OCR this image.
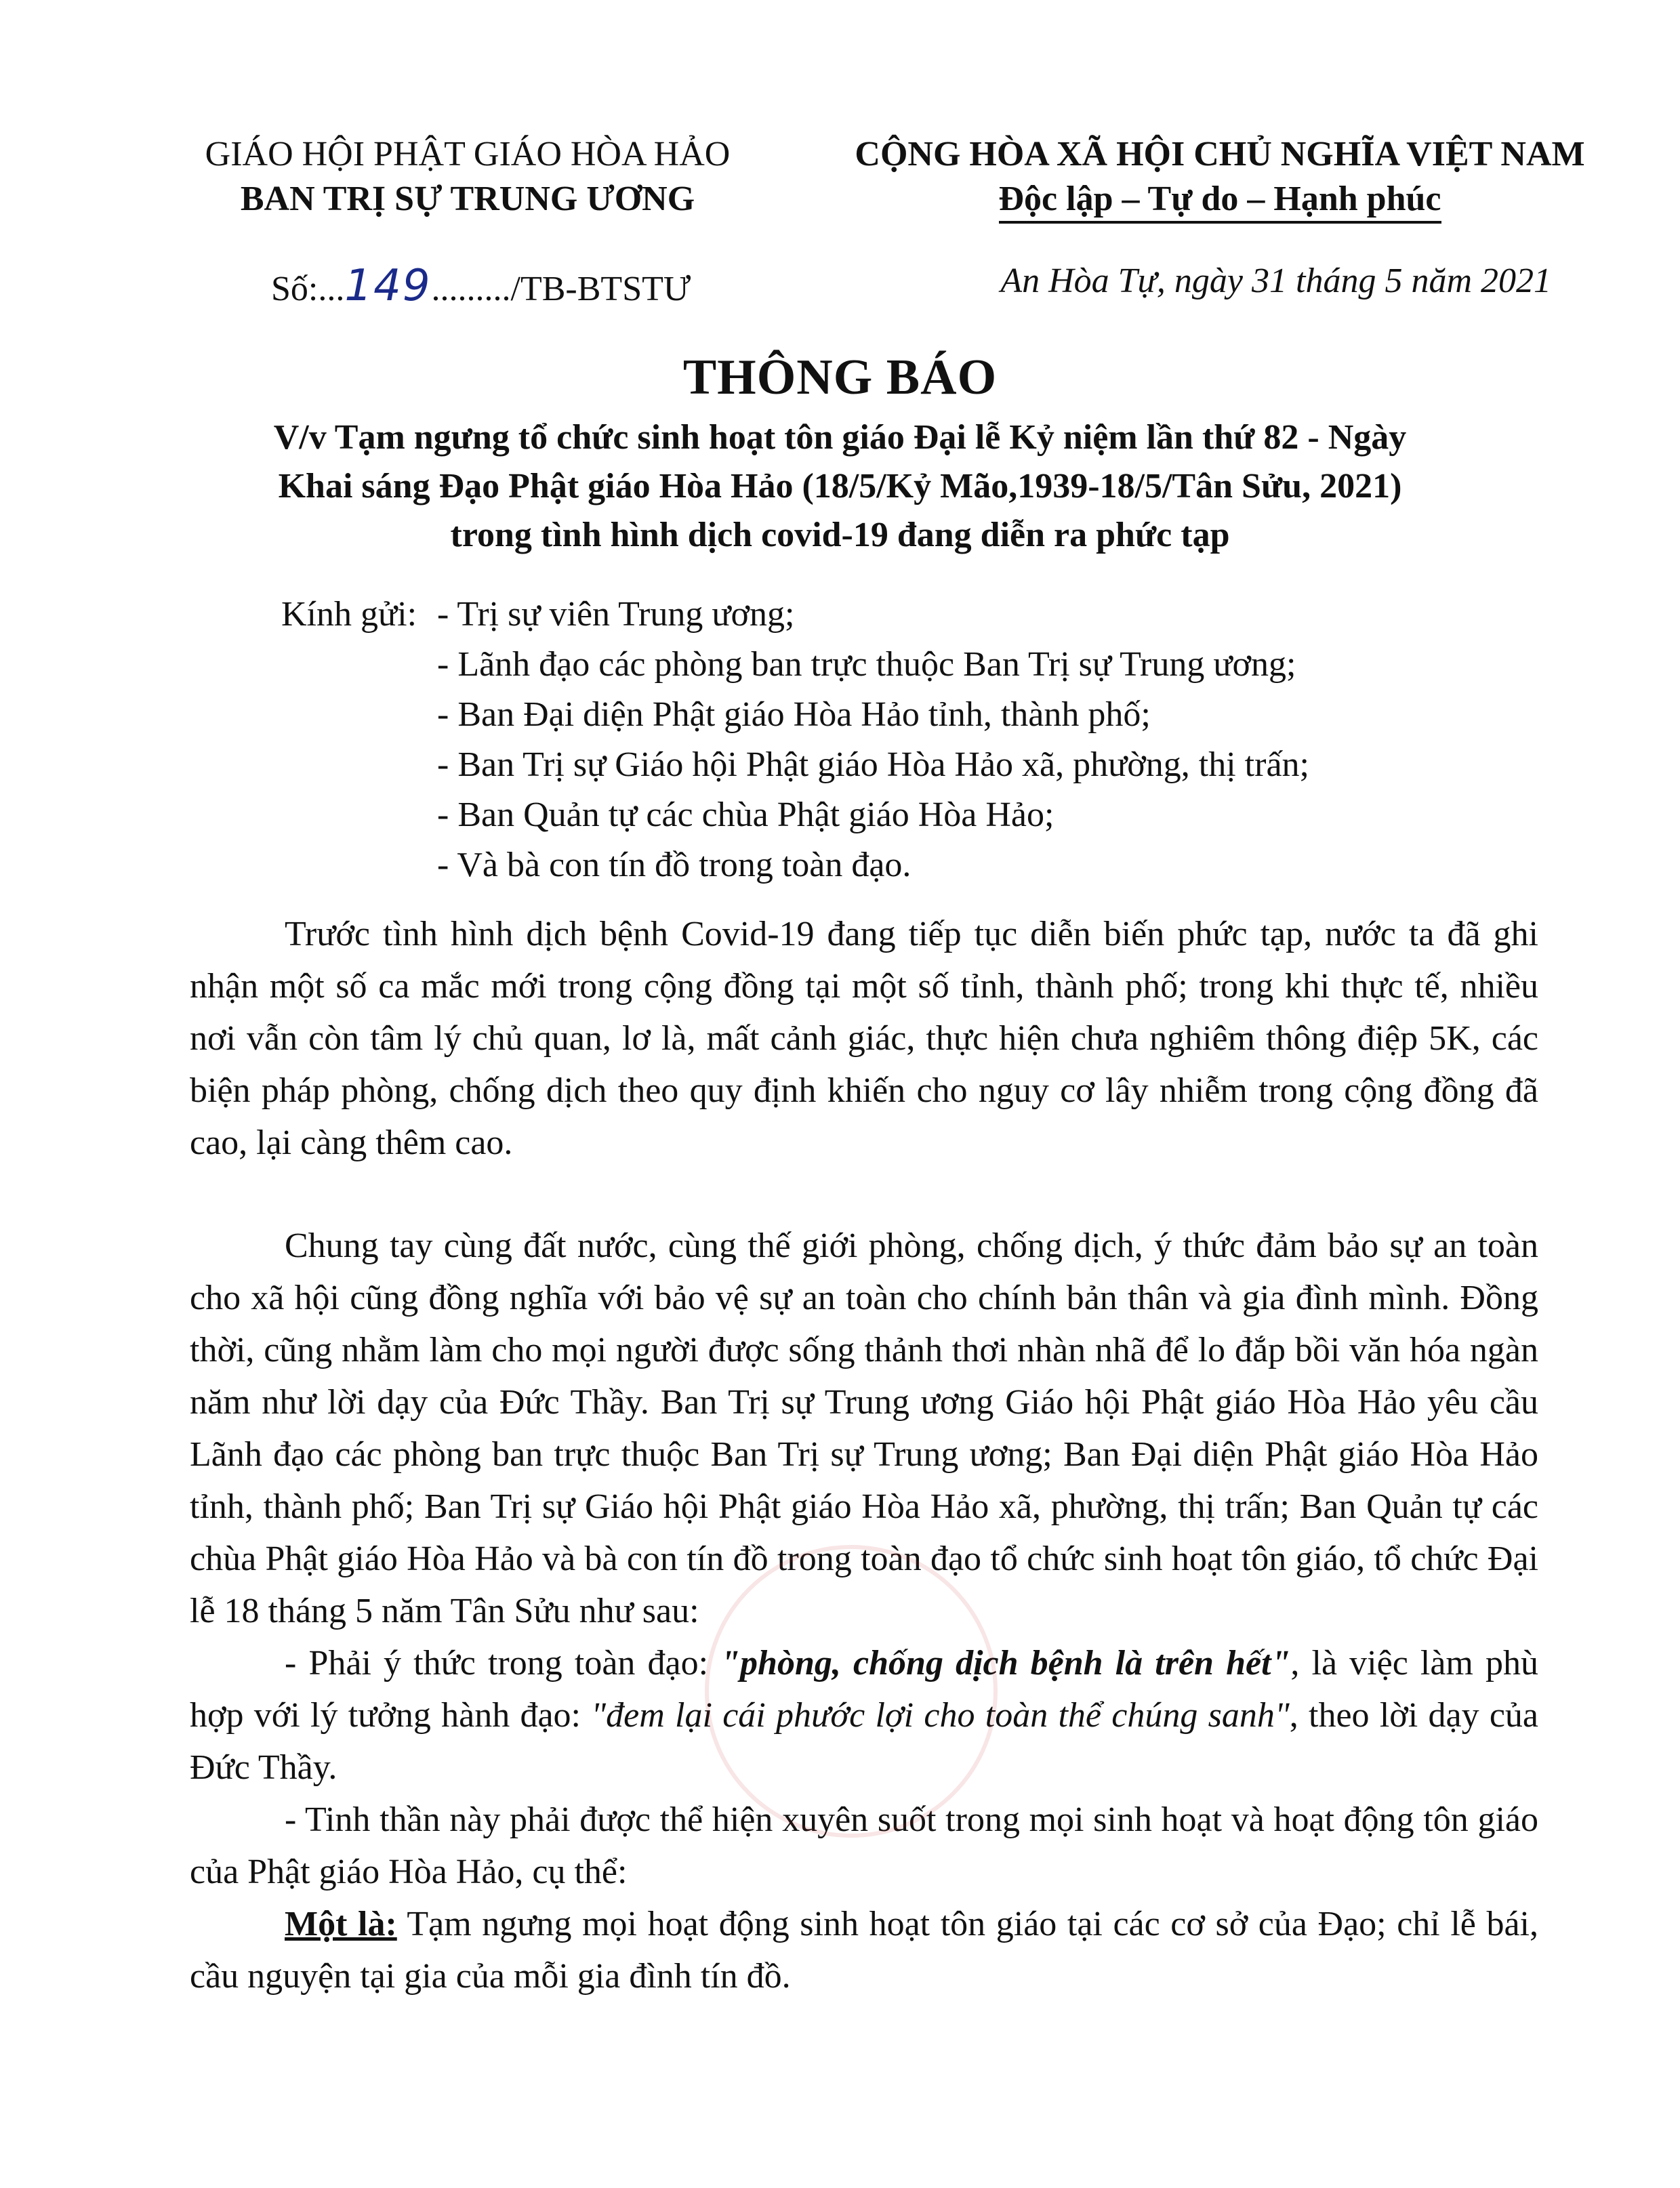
GIÁO HỘI PHẬT GIÁO HÒA HẢO
BAN TRỊ SỰ TRUNG ƯƠNG
CỘNG HÒA XÃ HỘI CHỦ NGHĨA VIỆT NAM
Độc lập – Tự do – Hạnh phúc
Số:...149........./TB-BTSTƯ	An Hòa Tự, ngày 31 tháng 5 năm 2021
THÔNG BÁO
V/v Tạm ngưng tổ chức sinh hoạt tôn giáo Đại lễ Kỷ niệm lần thứ 82 - Ngày
Khai sáng Đạo Phật giáo Hòa Hảo (18/5/Kỷ Mão,1939-18/5/Tân Sửu, 2021)
trong tình hình dịch covid-19 đang diễn ra phức tạp
Kính gửi: - Trị sự viên Trung ương;
- Lãnh đạo các phòng ban trực thuộc Ban Trị sự Trung ương;
- Ban Đại diện Phật giáo Hòa Hảo tỉnh, thành phố;
- Ban Trị sự Giáo hội Phật giáo Hòa Hảo xã, phường, thị trấn;
- Ban Quản tự các chùa Phật giáo Hòa Hảo;
- Và bà con tín đồ trong toàn đạo.

Trước tình hình dịch bệnh Covid-19 đang tiếp tục diễn biến phức tạp, nước ta đã ghi nhận một số ca mắc mới trong cộng đồng tại một số tỉnh, thành phố; trong khi thực tế, nhiều nơi vẫn còn tâm lý chủ quan, lơ là, mất cảnh giác, thực hiện chưa nghiêm thông điệp 5K, các biện pháp phòng, chống dịch theo quy định khiến cho nguy cơ lây nhiễm trong cộng đồng đã cao, lại càng thêm cao.

Chung tay cùng đất nước, cùng thế giới phòng, chống dịch, ý thức đảm bảo sự an toàn cho xã hội cũng đồng nghĩa với bảo vệ sự an toàn cho chính bản thân và gia đình mình. Đồng thời, cũng nhằm làm cho mọi người được sống thảnh thơi nhàn nhã để lo đắp bồi văn hóa ngàn năm như lời dạy của Đức Thầy. Ban Trị sự Trung ương Giáo hội Phật giáo Hòa Hảo yêu cầu Lãnh đạo các phòng ban trực thuộc Ban Trị sự Trung ương; Ban Đại diện Phật giáo Hòa Hảo tỉnh, thành phố; Ban Trị sự Giáo hội Phật giáo Hòa Hảo xã, phường, thị trấn; Ban Quản tự các chùa Phật giáo Hòa Hảo và bà con tín đồ trong toàn đạo tổ chức sinh hoạt tôn giáo, tổ chức Đại lễ 18 tháng 5 năm Tân Sửu như sau:

- Phải ý thức trong toàn đạo: "phòng, chống dịch bệnh là trên hết", là việc làm phù hợp với lý tưởng hành đạo: "đem lại cái phước lợi cho toàn thể chúng sanh", theo lời dạy của Đức Thầy.

- Tinh thần này phải được thể hiện xuyên suốt trong mọi sinh hoạt và hoạt động tôn giáo của Phật giáo Hòa Hảo, cụ thể:

Một là: Tạm ngưng mọi hoạt động sinh hoạt tôn giáo tại các cơ sở của Đạo; chỉ lễ bái, cầu nguyện tại gia của mỗi gia đình tín đồ.
